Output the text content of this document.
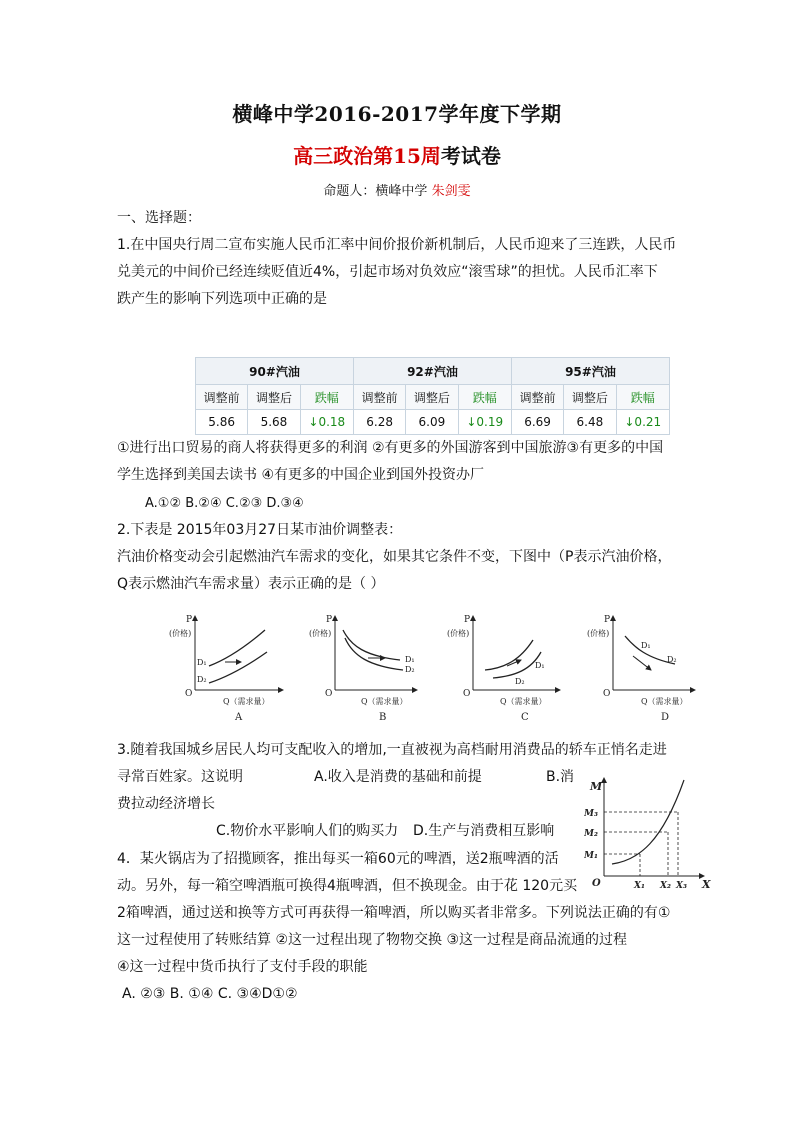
横峰中学2016-2017学年度下学期
高三政治第15周考试卷
命题人：横峰中学 朱剑雯
一、选择题：
1.在中国央行周二宣布实施人民币汇率中间价报价新机制后，人民币迎来了三连跌，人民币
兑美元的中间价已经连续贬值近4%，引起市场对负效应“滚雪球”的担忧。人民币汇率下
跌产生的影响下列选项中正确的是
90#汽油			92#汽油			95#汽油		
调整前	调整后	跌幅	调整前	调整后	跌幅	调整前	调整后	跌幅
5.86	5.68	↓0.18	6.28	6.09	↓0.19	6.69	6.48	↓0.21
①进行出口贸易的商人将获得更多的利润 ②有更多的外国游客到中国旅游③有更多的中国
学生选择到美国去读书 ④有更多的中国企业到国外投资办厂
A.①② B.②④ C.②③ D.③④
2.下表是 2015年03月27日某市油价调整表：
汽油价格变动会引起燃油汽车需求的变化，如果其它条件不变，下图中（P表示汽油价格，
Q表示燃油汽车需求量）表示正确的是（ ）
P
(价格)
O
Q（需求量）
D₁
D₂
A
P
(价格)
O
Q（需求量）
D₁
D₂
B
P
(价格)
O
Q（需求量）
D₁
D₂
C
P
(价格)
O
Q（需求量）
D₁
D₂
D
3.随着我国城乡居民人均可支配收入的增加,一直被视为高档耐用消费品的轿车正悄名走进
寻常百姓家。这说明	A.收入是消费的基础和前提	B.消
费拉动经济增长
C.物价水平影响人们的购买力	D.生产与消费相互影响
M
X
O
M₃
M₂
M₁
X₁ X₂ X₃
4．某火锅店为了招揽顾客，推出每买一箱60元的啤酒，送2瓶啤酒的活
动。另外，每一箱空啤酒瓶可换得4瓶啤酒，但不换现金。由于花 120元买
2箱啤酒，通过送和换等方式可再获得一箱啤酒，所以购买者非常多。下列说法正确的有①
这一过程使用了转账结算 ②这一过程出现了物物交换 ③这一过程是商品流通的过程
④这一过程中货币执行了支付手段的职能
A. ②③ B. ①④ C. ③④D①②
